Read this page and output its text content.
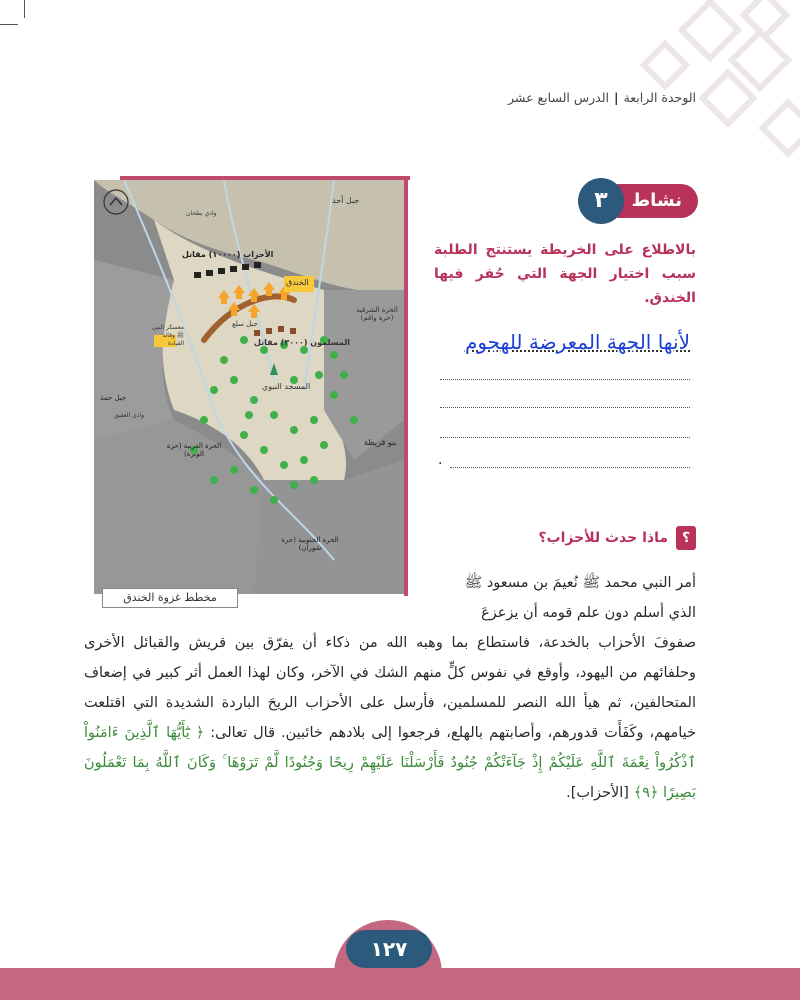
الوحدة الرابعة|الدرس السابع عشر
جبل أحد
الخندق
الأحزاب (١٠٠٠٠) مقاتل
المسلمون (٣٠٠٠) مقاتل
جبل سلع
معسكر النبي ﷺ وقائد القيادة
الحرة الشرقية (حرة واقم)
المسجد النبوي
الحرة الغربية (حرة الوبرة)
بنو قريظة
الحرة الجنوبية (حرة شوران)
جبل جمة
وادي العقيق
وادي بطحان
مخطط غزوة الخندق
نشاط
٣
بالاطلاع على الخريطة يستنتج الطلبة سبب اختيار الجهة التي حُفر فيها الخندق.
لأنها الجهة المعرضة للهجوم
.
؟ماذا حدث للأحزاب؟
أمر النبي محمد ﷺ نُعيمَ بن مسعود ﷺ
الذي أسلم دون علم قومه أن يزعزعَ
صفوفَ الأحزاب بالخدعة، فاستطاع بما وهبه الله من ذكاء أن يفرّق بين قريش والقبائل الأخرى وحلفائهم من اليهود، وأوقع في نفوس كلٍّ منهم الشك في الآخر، وكان لهذا العمل أثر كبير في إضعاف المتحالفين، ثم هيأ الله النصر للمسلمين، فأرسل على الأحزاب الريحَ الباردة الشديدة التي اقتلعت خيامهم، وكَفَأَت قدورهم، وأصابتهم بالهلع، فرجعوا إلى بلادهم خائبين. قال تعالى: ﴿ يَٰٓأَيُّهَا ٱلَّذِينَ ءَامَنُواْ ٱذْكُرُواْ نِعْمَةَ ٱللَّهِ عَلَيْكُمْ إِذْ جَآءَتْكُمْ جُنُودٌ فَأَرْسَلْنَا عَلَيْهِمْ رِيحًا وَجُنُودًا لَّمْ تَرَوْهَا ۚ وَكَانَ ٱللَّهُ بِمَا تَعْمَلُونَ بَصِيرًا ﴿٩﴾ [الأحزاب].
١٢٧
